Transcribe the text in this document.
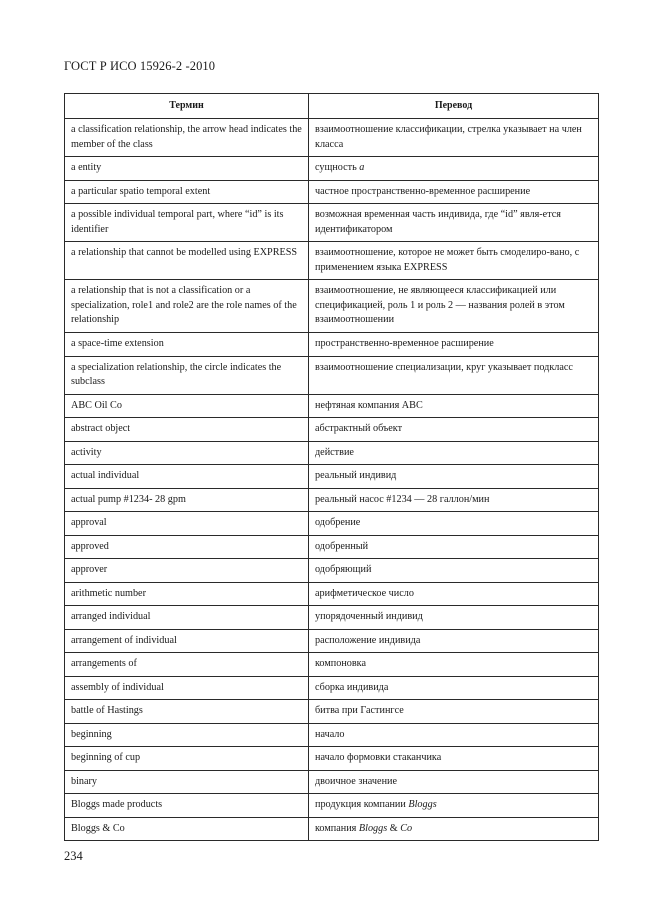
ГОСТ Р ИСО 15926-2 -2010
Термин	Перевод
a classification relationship, the arrow head indicates the member of the class	взаимоотношение классификации, стрелка указывает на член класса
a entity	сущность a
a particular spatio temporal extent	частное пространственно-временное расширение
a possible individual temporal part, where “id” is its identifier	возможная временная часть индивида, где “id” явля-ется идентификатором
a relationship that cannot be modelled using EXPRESS	взаимоотношение, которое не может быть смоделиро-вано, с применением языка EXPRESS
a relationship that is not a classification or a specialization, role1 and role2 are the role names of the relationship	взаимоотношение, не являющееся классификацией или спецификацией, роль 1 и роль 2 — названия ролей в этом взаимоотношении
a space-time extension	пространственно-временное расширение
a specialization relationship, the circle indicates the subclass	взаимоотношение специализации, круг указывает подкласс
ABC Oil Co	нефтяная компания ABC
abstract object	абстрактный объект
activity	действие
actual individual	реальный индивид
actual pump #1234- 28 gpm	реальный насос #1234 — 28 галлон/мин
approval	одобрение
approved	одобренный
approver	одобряющий
arithmetic number	арифметическое число
arranged individual	упорядоченный индивид
arrangement of individual	расположение индивида
arrangements of	компоновка
assembly of individual	сборка индивида
battle of Hastings	битва при Гастингсе
beginning	начало
beginning of cup	начало формовки стаканчика
binary	двоичное значение
Bloggs made products	продукция компании Bloggs
Bloggs & Co	компания Bloggs & Co
234
